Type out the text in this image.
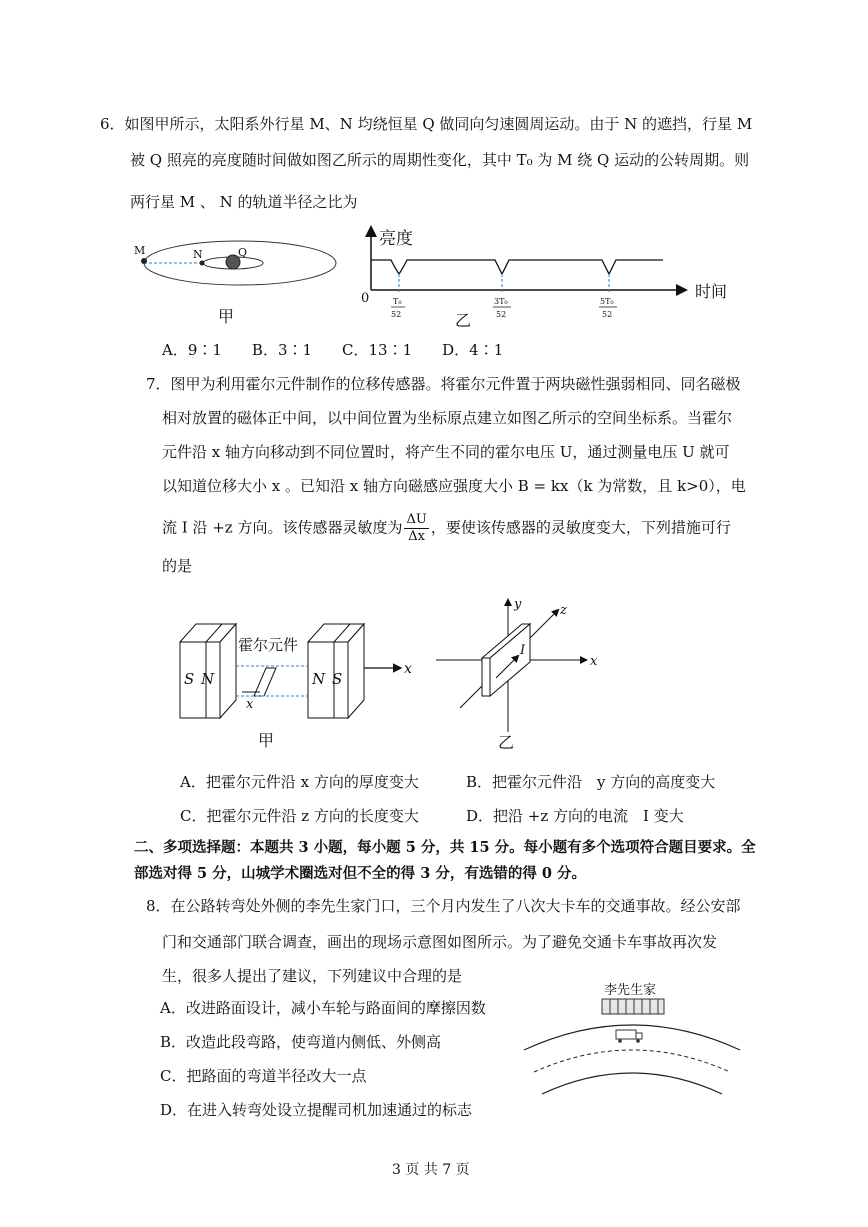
6．如图甲所示，太阳系外行星 M、N 均绕恒星 Q 做同向匀速圆周运动。由于 N 的遮挡，行星 M
被 Q 照亮的亮度随时间做如图乙所示的周期性变化，其中 T₀ 为 M 绕 Q 运动的公转周期。则
两行星 M 、 N 的轨道半径之比为
M	N	Q
甲
亮度
时间
0	T₀
52
3T₀
52
5T₀
52
乙
A．9∶1　　B．3∶1　　C．13∶1　　D．4∶1
7．图甲为利用霍尔元件制作的位移传感器。将霍尔元件置于两块磁性强弱相同、同名磁极
相对放置的磁体正中间，以中间位置为坐标原点建立如图乙所示的空间坐标系。当霍尔
元件沿 x 轴方向移动到不同位置时，将产生不同的霍尔电压 U，通过测量电压 U 就可
以知道位移大小 x 。已知沿 x 轴方向磁感应强度大小 B = kx（k 为常数，且 k>0），电
流 I 沿 +z 方向。该传感器灵敏度为 $\frac{\Delta U}{\Delta x}$ ，要使该传感器的灵敏度变大，下列措施可行
的是
S N	N S
x
x
霍尔元件
甲
I
y	z
x
乙
A．把霍尔元件沿 x 方向的厚度变大	B．把霍尔元件沿　y 方向的高度变大
C．把霍尔元件沿 z 方向的长度变大	D．把沿 +z 方向的电流　I 变大
二、多项选择题：本题共 3 小题，每小题 5 分，共 15 分。每小题有多个选项符合题目要求。全
部选对得 5 分，山城学术圈选对但不全的得 3 分，有选错的得 0 分。
8．在公路转弯处外侧的李先生家门口，三个月内发生了八次大卡车的交通事故。经公安部
门和交通部门联合调查，画出的现场示意图如图所示。为了避免交通卡车事故再次发
生，很多人提出了建议，下列建议中合理的是
A．改进路面设计，减小车轮与路面间的摩擦因数
B．改造此段弯路，使弯道内侧低、外侧高
C．把路面的弯道半径改大一点
D．在进入转弯处设立提醒司机加速通过的标志
李先生家
3 页 共 7 页
